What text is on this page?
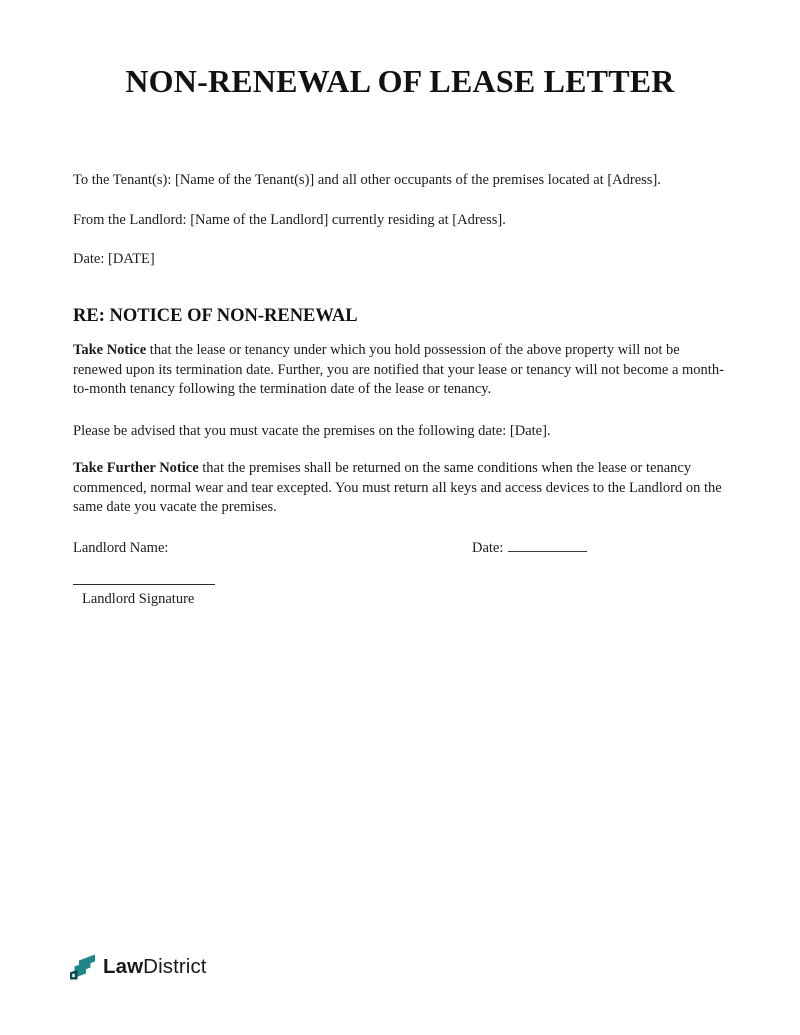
NON-RENEWAL OF LEASE LETTER

To the Tenant(s): [Name of the Tenant(s)] and all other occupants of the premises located at [Adress].

From the Landlord: [Name of the Landlord] currently residing at [Adress].

Date: [DATE]

RE: NOTICE OF NON-RENEWAL

Take Notice that the lease or tenancy under which you hold possession of the above property will not be renewed upon its termination date. Further, you are notified that your lease or tenancy will not become a month-to-month tenancy following the termination date of the lease or tenancy.

Please be advised that you must vacate the premises on the following date: [Date].

Take Further Notice that the premises shall be returned on the same conditions when the lease or tenancy commenced, normal wear and tear excepted. You must return all keys and access devices to the Landlord on the same date you vacate the premises.

Landlord Name:	Date:
Landlord Signature
LawDistrict
